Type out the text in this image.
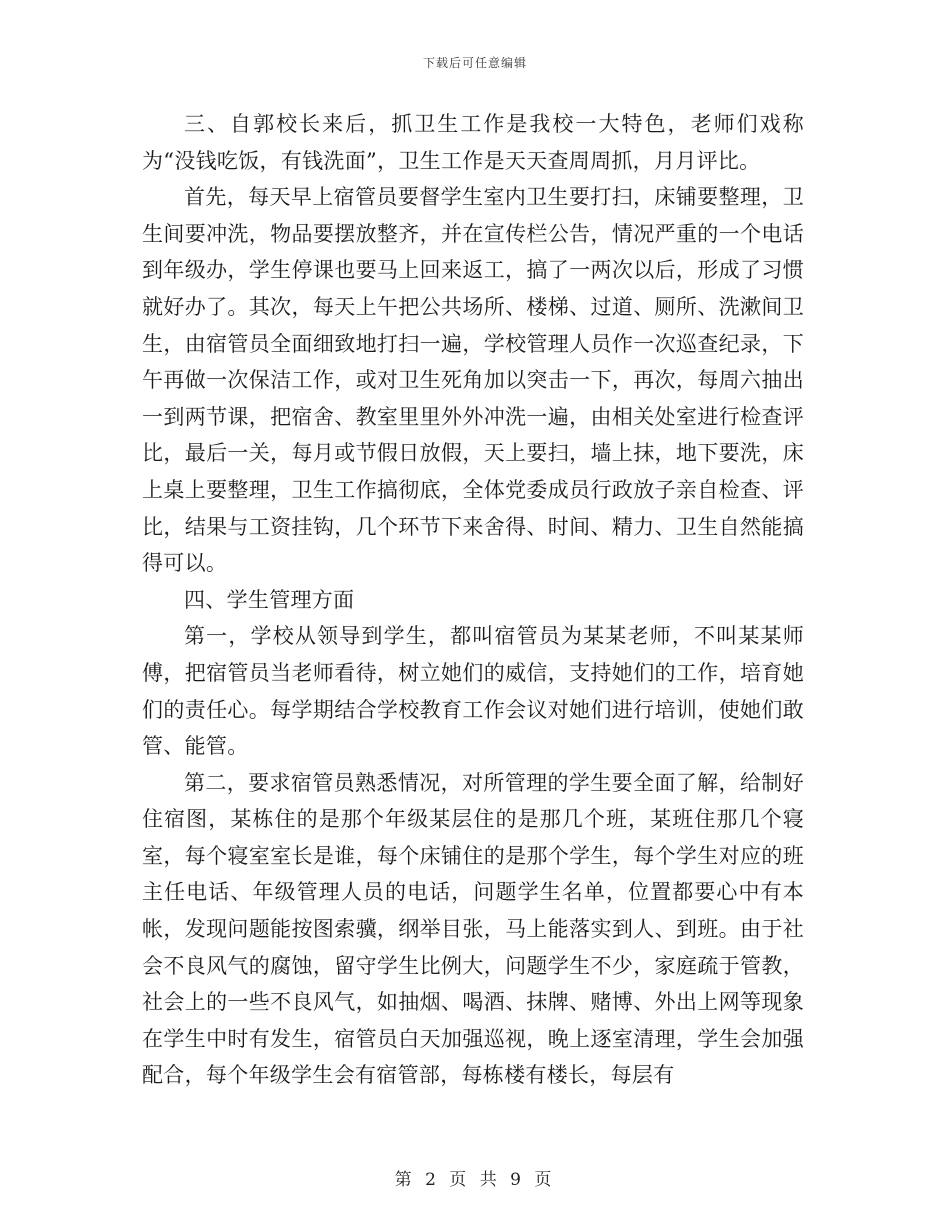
下载后可任意编辑

三、自郭校长来后，抓卫生工作是我校一大特色，老师们戏称为“没钱吃饭，有钱洗面”，卫生工作是天天查周周抓，月月评比。

首先，每天早上宿管员要督学生室内卫生要打扫，床铺要整理，卫生间要冲洗，物品要摆放整齐，并在宣传栏公告，情况严重的一个电话到年级办，学生停课也要马上回来返工，搞了一两次以后，形成了习惯就好办了。其次，每天上午把公共场所、楼梯、过道、厕所、洗漱间卫生，由宿管员全面细致地打扫一遍，学校管理人员作一次巡查纪录，下午再做一次保洁工作，或对卫生死角加以突击一下，再次，每周六抽出一到两节课，把宿舍、教室里里外外冲洗一遍，由相关处室进行检查评比，最后一关，每月或节假日放假，天上要扫，墙上抹，地下要洗，床上桌上要整理，卫生工作搞彻底，全体党委成员行政放子亲自检查、评比，结果与工资挂钩，几个环节下来舍得、时间、精力、卫生自然能搞得可以。

四、学生管理方面

第一，学校从领导到学生，都叫宿管员为某某老师，不叫某某师傅，把宿管员当老师看待，树立她们的威信，支持她们的工作，培育她们的责任心。每学期结合学校教育工作会议对她们进行培训，使她们敢管、能管。

第二，要求宿管员熟悉情况，对所管理的学生要全面了解，给制好住宿图，某栋住的是那个年级某层住的是那几个班，某班住那几个寝室，每个寝室室长是谁，每个床铺住的是那个学生，每个学生对应的班主任电话、年级管理人员的电话，问题学生名单，位置都要心中有本帐，发现问题能按图索骥，纲举目张，马上能落实到人、到班。由于社会不良风气的腐蚀，留守学生比例大，问题学生不少，家庭疏于管教，社会上的一些不良风气，如抽烟、喝酒、抹牌、赌博、外出上网等现象在学生中时有发生，宿管员白天加强巡视，晚上逐室清理，学生会加强配合，每个年级学生会有宿管部，每栋楼有楼长，每层有

第 2 页 共 9 页
